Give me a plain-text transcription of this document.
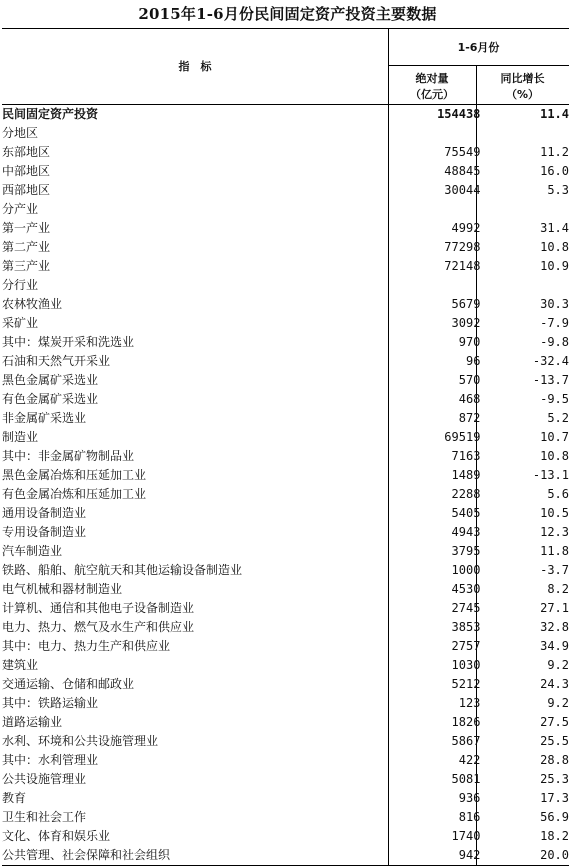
2015年1-6月份民间固定资产投资主要数据
指　标
1-6月份
绝对量
（亿元）
同比增长
（%）
民间固定资产投资	154438	11.4
分地区		
东部地区	75549	11.2
中部地区	48845	16.0
西部地区	30044	5.3
分产业		
第一产业	4992	31.4
第二产业	77298	10.8
第三产业	72148	10.9
分行业		
农林牧渔业	5679	30.3
采矿业	3092	-7.9
其中：煤炭开采和洗选业	970	-9.8
石油和天然气开采业	96	-32.4
黑色金属矿采选业	570	-13.7
有色金属矿采选业	468	-9.5
非金属矿采选业	872	5.2
制造业	69519	10.7
其中：非金属矿物制品业	7163	10.8
黑色金属冶炼和压延加工业	1489	-13.1
有色金属冶炼和压延加工业	2288	5.6
通用设备制造业	5405	10.5
专用设备制造业	4943	12.3
汽车制造业	3795	11.8
铁路、船舶、航空航天和其他运输设备制造业	1000	-3.7
电气机械和器材制造业	4530	8.2
计算机、通信和其他电子设备制造业	2745	27.1
电力、热力、燃气及水生产和供应业	3853	32.8
其中：电力、热力生产和供应业	2757	34.9
建筑业	1030	9.2
交通运输、仓储和邮政业	5212	24.3
其中：铁路运输业	123	9.2
道路运输业	1826	27.5
水利、环境和公共设施管理业	5867	25.5
其中：水利管理业	422	28.8
公共设施管理业	5081	25.3
教育	936	17.3
卫生和社会工作	816	56.9
文化、体育和娱乐业	1740	18.2
公共管理、社会保障和社会组织	942	20.0
